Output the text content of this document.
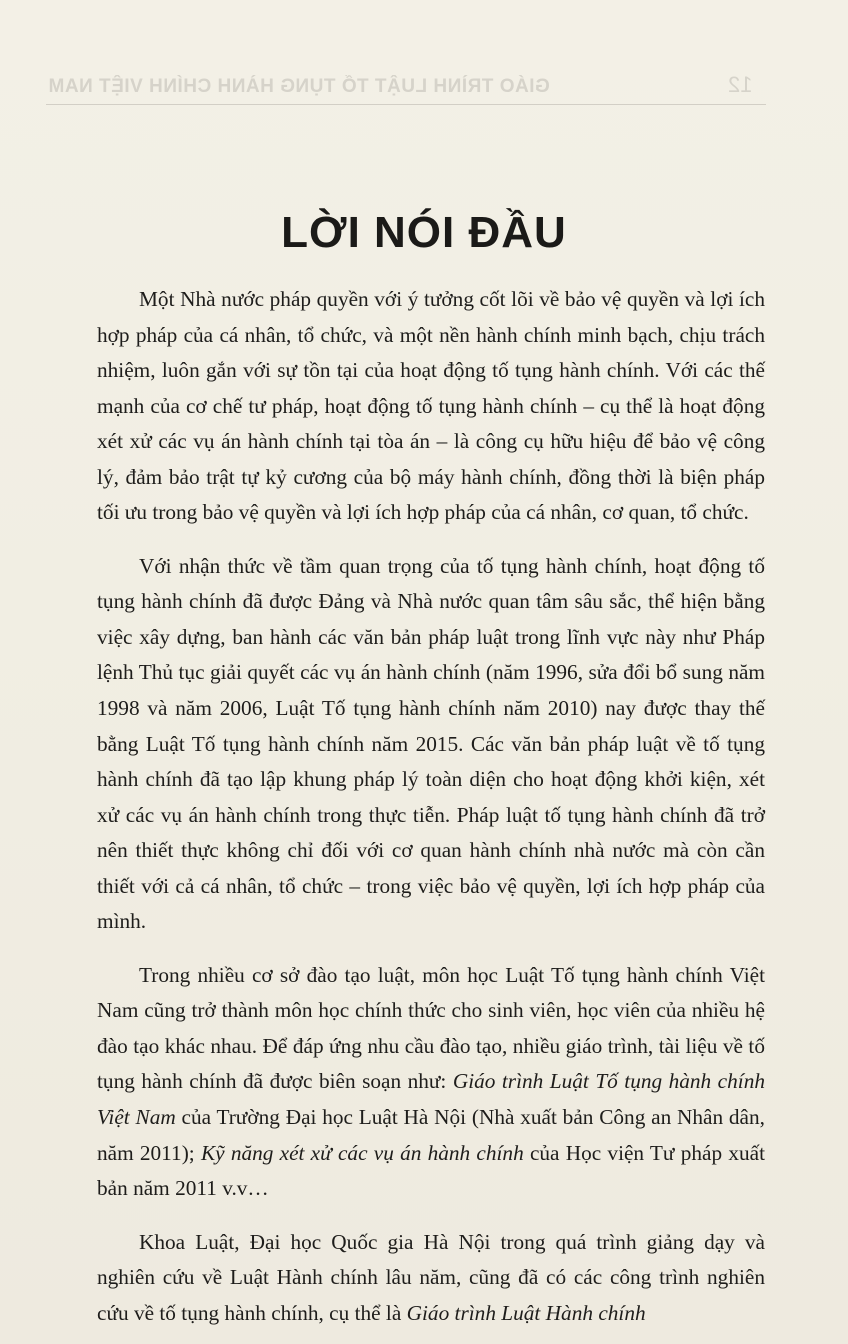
GIÁO TRÌNH LUẬT TỐ TỤNG HÀNH CHÍNH VIỆT NAM	12
LỜI NÓI ĐẦU

Một Nhà nước pháp quyền với ý tưởng cốt lõi về bảo vệ quyền và lợi ích hợp pháp của cá nhân, tổ chức, và một nền hành chính minh bạch, chịu trách nhiệm, luôn gắn với sự tồn tại của hoạt động tố tụng hành chính. Với các thế mạnh của cơ chế tư pháp, hoạt động tố tụng hành chính – cụ thể là hoạt động xét xử các vụ án hành chính tại tòa án – là công cụ hữu hiệu để bảo vệ công lý, đảm bảo trật tự kỷ cương của bộ máy hành chính, đồng thời là biện pháp tối ưu trong bảo vệ quyền và lợi ích hợp pháp của cá nhân, cơ quan, tổ chức.

Với nhận thức về tầm quan trọng của tố tụng hành chính, hoạt động tố tụng hành chính đã được Đảng và Nhà nước quan tâm sâu sắc, thể hiện bằng việc xây dựng, ban hành các văn bản pháp luật trong lĩnh vực này như Pháp lệnh Thủ tục giải quyết các vụ án hành chính (năm 1996, sửa đổi bổ sung năm 1998 và năm 2006, Luật Tố tụng hành chính năm 2010) nay được thay thế bằng Luật Tố tụng hành chính năm 2015. Các văn bản pháp luật về tố tụng hành chính đã tạo lập khung pháp lý toàn diện cho hoạt động khởi kiện, xét xử các vụ án hành chính trong thực tiễn. Pháp luật tố tụng hành chính đã trở nên thiết thực không chỉ đối với cơ quan hành chính nhà nước mà còn cần thiết với cả cá nhân, tổ chức – trong việc bảo vệ quyền, lợi ích hợp pháp của mình.

Trong nhiều cơ sở đào tạo luật, môn học Luật Tố tụng hành chính Việt Nam cũng trở thành môn học chính thức cho sinh viên, học viên của nhiều hệ đào tạo khác nhau. Để đáp ứng nhu cầu đào tạo, nhiều giáo trình, tài liệu về tố tụng hành chính đã được biên soạn như: Giáo trình Luật Tố tụng hành chính Việt Nam của Trường Đại học Luật Hà Nội (Nhà xuất bản Công an Nhân dân, năm 2011); Kỹ năng xét xử các vụ án hành chính của Học viện Tư pháp xuất bản năm 2011 v.v…

Khoa Luật, Đại học Quốc gia Hà Nội trong quá trình giảng dạy và nghiên cứu về Luật Hành chính lâu năm, cũng đã có các công trình nghiên cứu về tố tụng hành chính, cụ thể là Giáo trình Luật Hành chính
